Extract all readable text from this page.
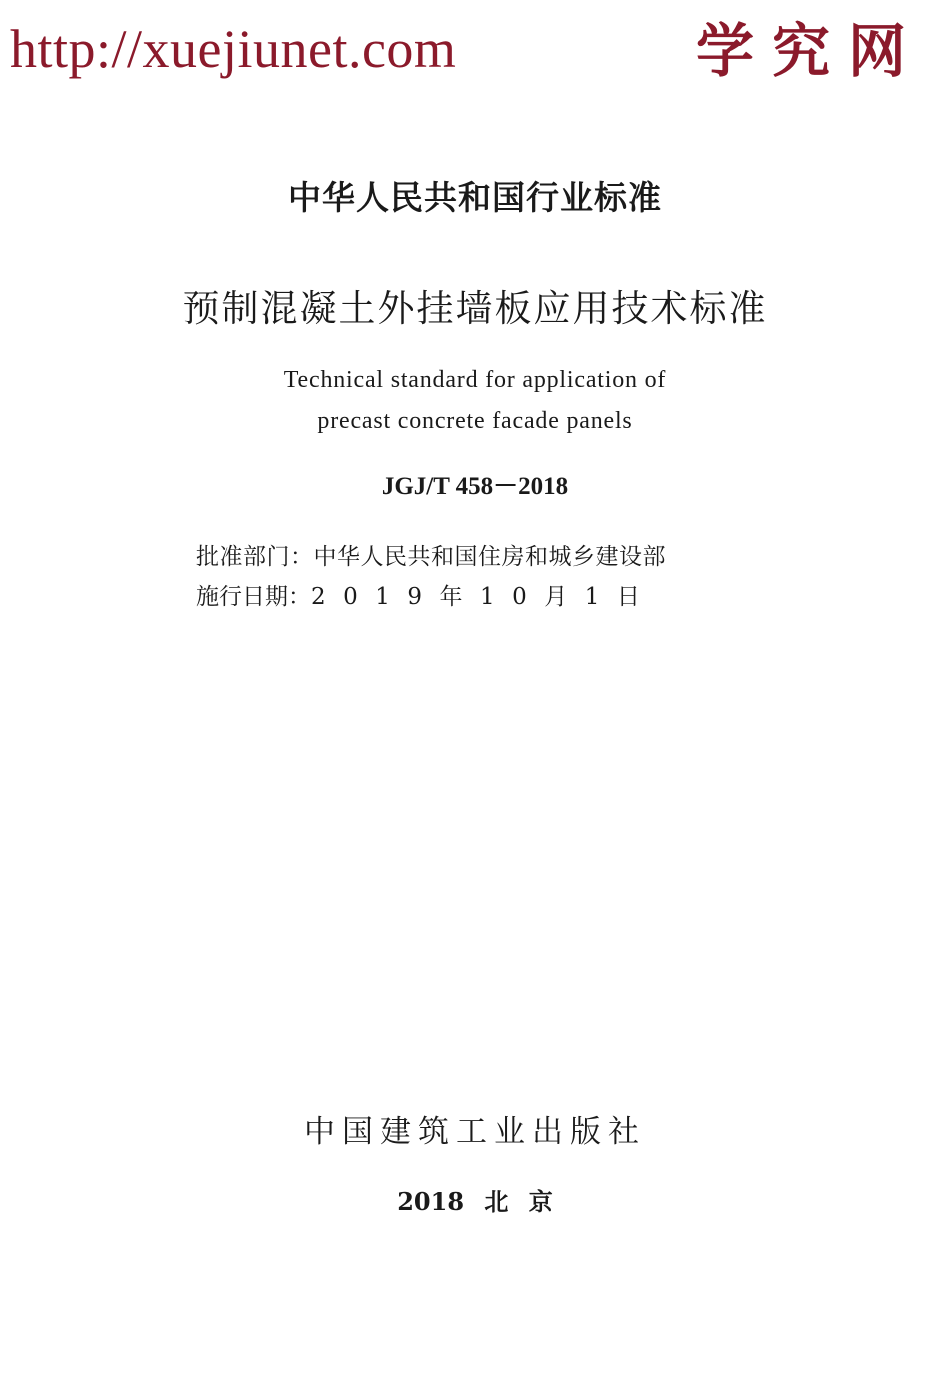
http://xuejiunet.com	学究网
中华人民共和国行业标准
预制混凝土外挂墙板应用技术标准
Technical standard for application of
precast concrete facade panels
JGJ/T 458－2018
批准部门：中华人民共和国住房和城乡建设部
施行日期：2019年10月1日
中国建筑工业出版社
2018 北 京
